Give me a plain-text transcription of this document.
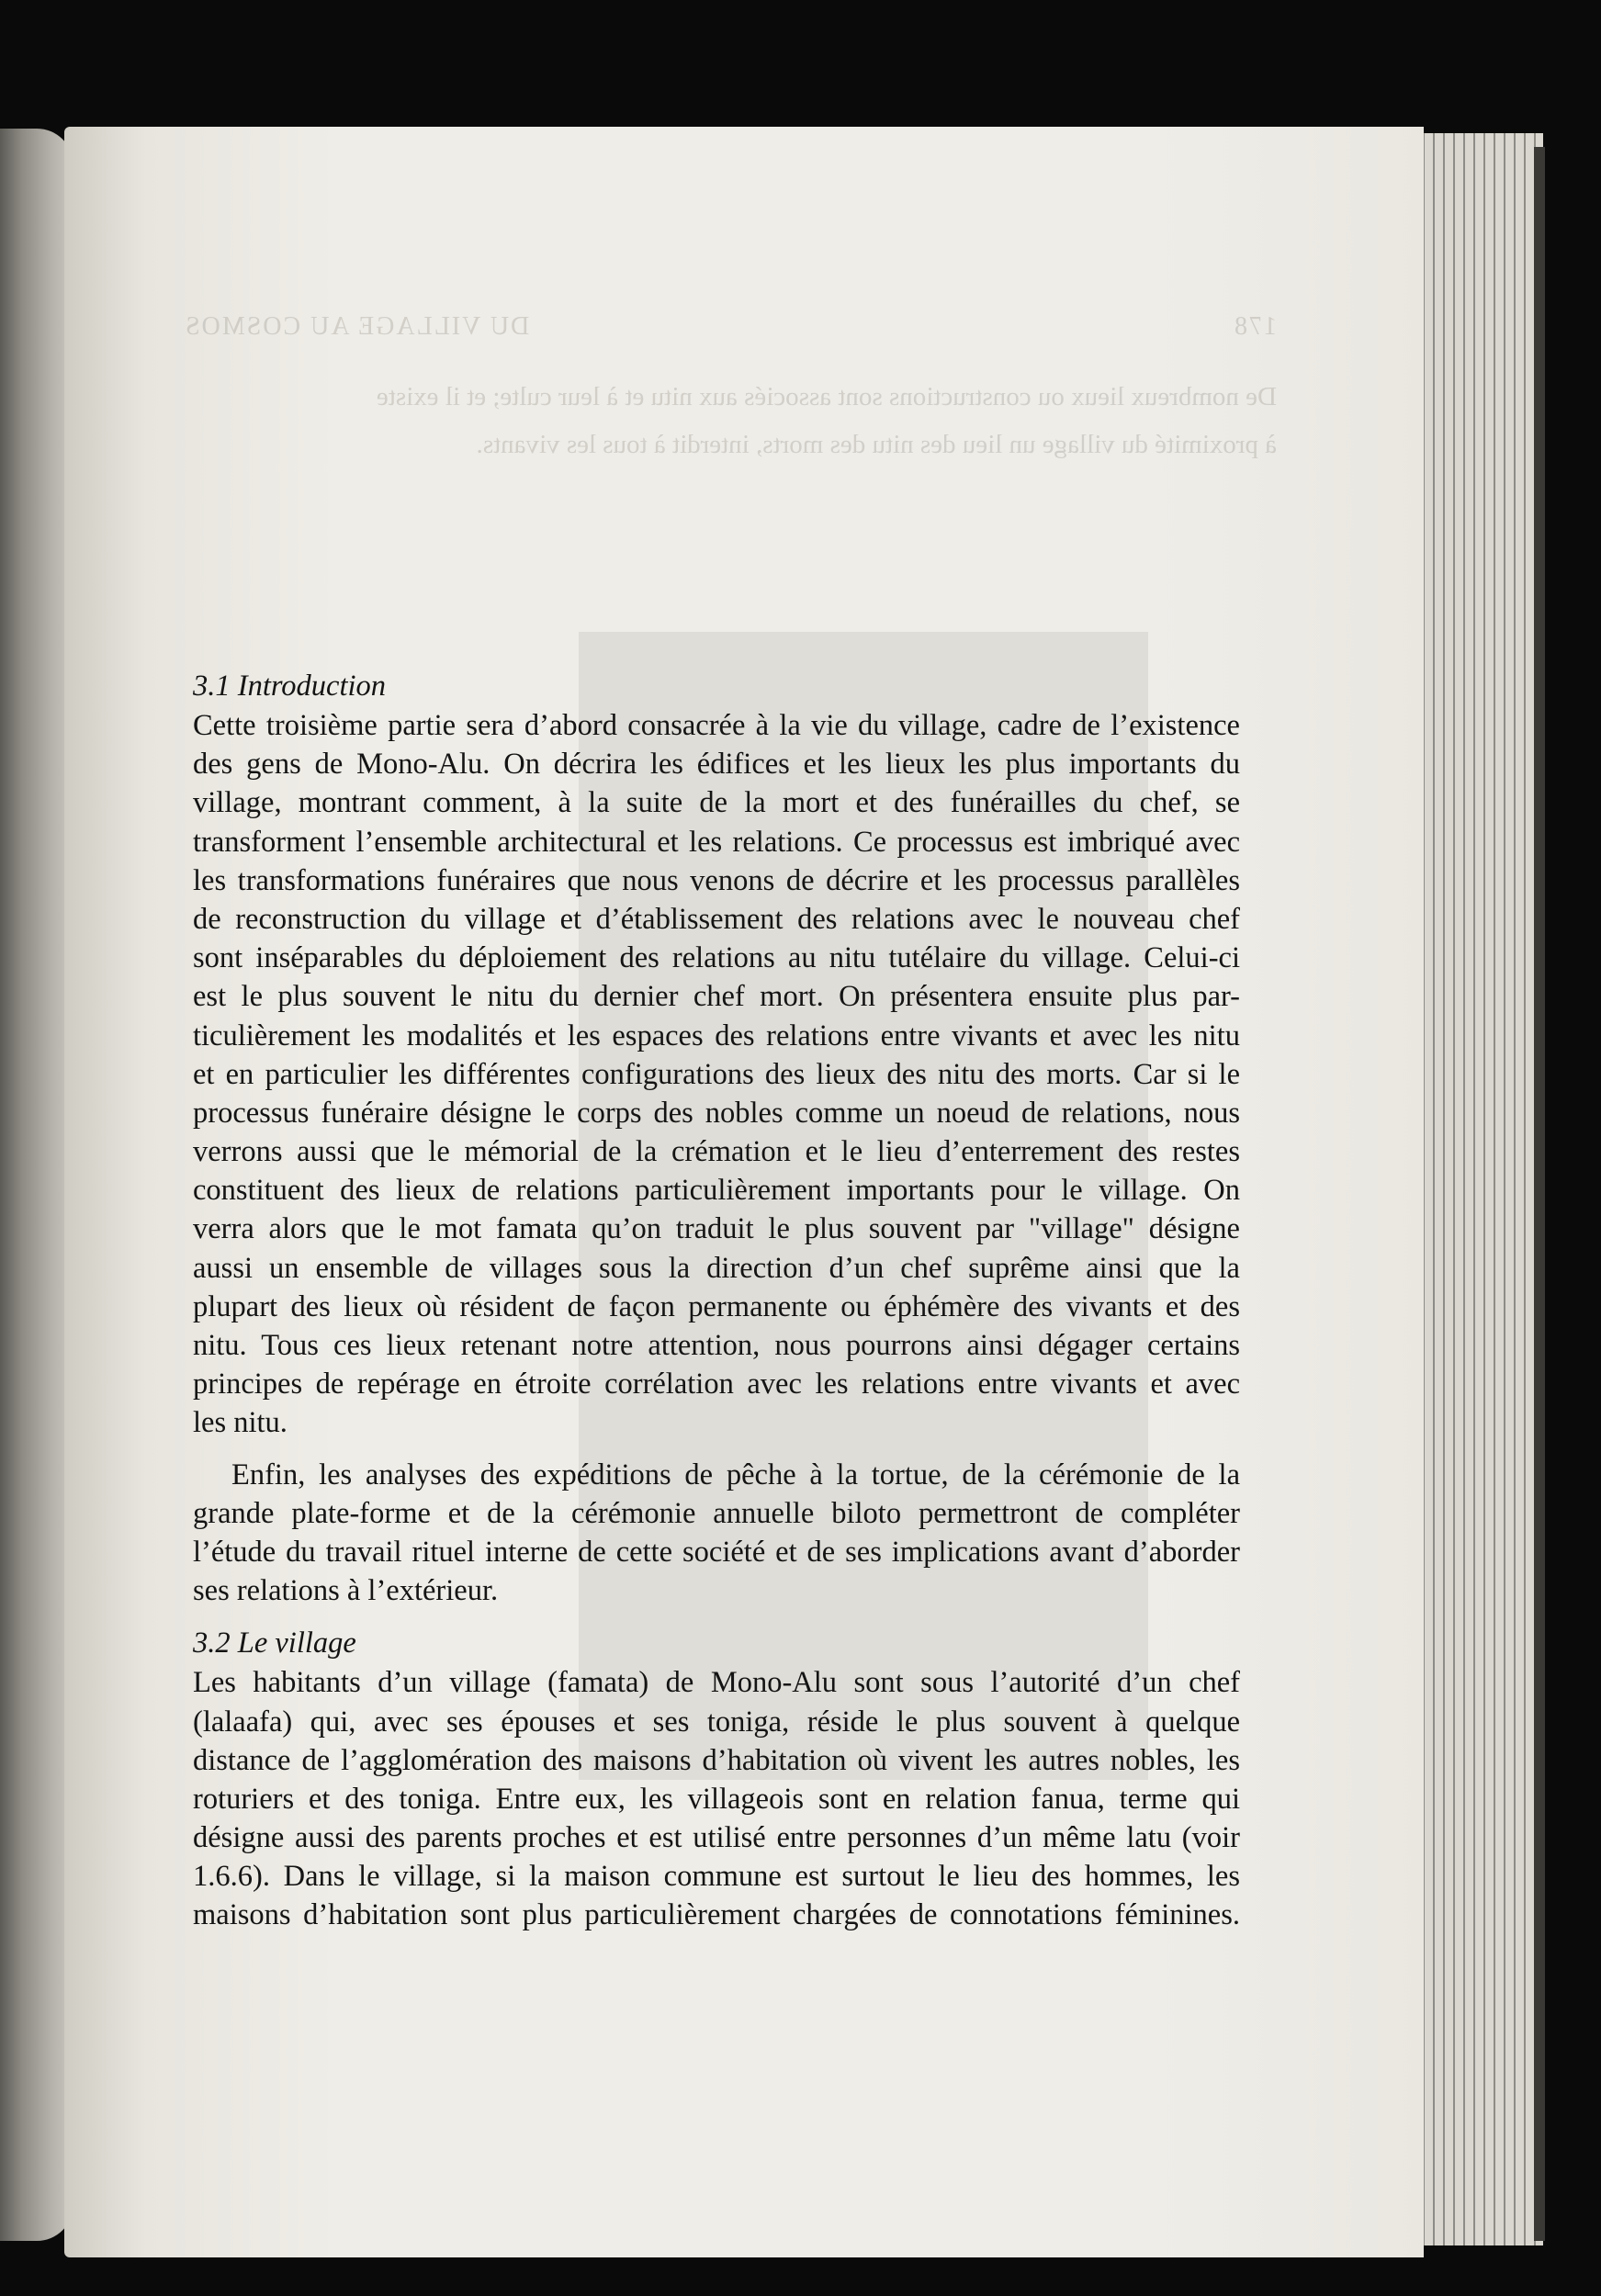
178
DU VILLAGE AU COSMOS
De nombreux lieux ou constructions sont associés aux nitu et à leur culte; et il existe
à proximité du village un lieu des nitu des morts, interdit à tous les vivants.
3.1 Introduction
Cette troisième partie sera d’abord consacrée à la vie du village, cadre de l’existence
des gens de Mono-Alu. On décrira les édifices et les lieux les plus importants du
village, montrant comment, à la suite de la mort et des funérailles du chef, se
transforment l’ensemble architectural et les relations. Ce processus est imbriqué avec
les transformations funéraires que nous venons de décrire et les processus parallèles
de reconstruction du village et d’établissement des relations avec le nouveau chef
sont inséparables du déploiement des relations au nitu tutélaire du village. Celui-ci
est le plus souvent le nitu du dernier chef mort. On présentera ensuite plus par-
ticulièrement les modalités et les espaces des relations entre vivants et avec les nitu
et en particulier les différentes configurations des lieux des nitu des morts. Car si le
processus funéraire désigne le corps des nobles comme un noeud de relations, nous
verrons aussi que le mémorial de la crémation et le lieu d’enterrement des restes
constituent des lieux de relations particulièrement importants pour le village. On
verra alors que le mot famata qu’on traduit le plus souvent par "village" désigne
aussi un ensemble de villages sous la direction d’un chef suprême ainsi que la
plupart des lieux où résident de façon permanente ou éphémère des vivants et des
nitu. Tous ces lieux retenant notre attention, nous pourrons ainsi dégager certains
principes de repérage en étroite corrélation avec les relations entre vivants et avec
les nitu.
Enfin, les analyses des expéditions de pêche à la tortue, de la cérémonie de la
grande plate-forme et de la cérémonie annuelle biloto permettront de compléter
l’étude du travail rituel interne de cette société et de ses implications avant d’aborder
ses relations à l’extérieur.
3.2 Le village
Les habitants d’un village (famata) de Mono-Alu sont sous l’autorité d’un chef
(lalaafa) qui, avec ses épouses et ses toniga, réside le plus souvent à quelque
distance de l’agglomération des maisons d’habitation où vivent les autres nobles, les
roturiers et des toniga. Entre eux, les villageois sont en relation fanua, terme qui
désigne aussi des parents proches et est utilisé entre personnes d’un même latu (voir
1.6.6). Dans le village, si la maison commune est surtout le lieu des hommes, les
maisons d’habitation sont plus particulièrement chargées de connotations féminines.
